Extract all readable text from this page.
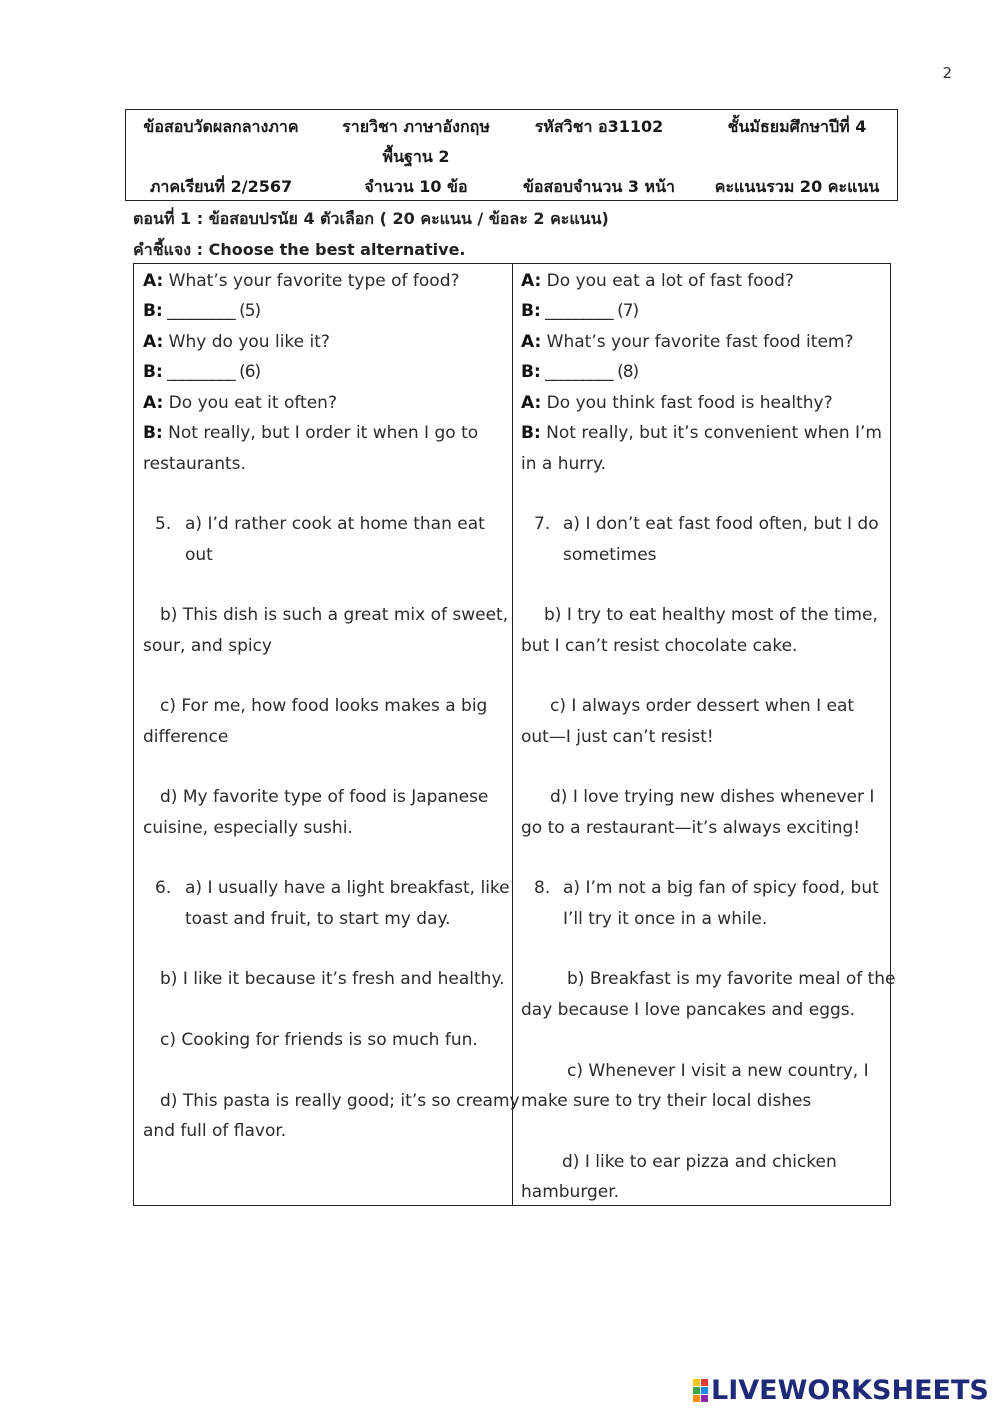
2
ข้อสอบวัดผลกลางภาค	รายวิชา ภาษาอังกฤษ	รหัสวิชา อ31102	ชั้นมัธยมศึกษาปีที่ 4
พื้นฐาน 2
ภาคเรียนที่ 2/2567	จำนวน 10 ข้อ	ข้อสอบจำนวน 3 หน้า	คะแนนรวม 20 คะแนน
ตอนที่ 1 : ข้อสอบปรนัย 4 ตัวเลือก ( 20 คะแนน / ข้อละ 2 คะแนน)
คำชี้แจง : Choose the best alternative.
A: What’s your favorite type of food?
B: _________ (5)
A: Why do you like it?
B: _________ (6)
A: Do you eat it often?
B: Not really, but I order it when I go to
restaurants.
5. a) I’d rather cook at home than eat
out
b) This dish is such a great mix of sweet,
sour, and spicy
c) For me, how food looks makes a big
difference
d) My favorite type of food is Japanese
cuisine, especially sushi.
6. a) I usually have a light breakfast, like
toast and fruit, to start my day.
b) I like it because it’s fresh and healthy.
c) Cooking for friends is so much fun.
d) This pasta is really good; it’s so creamy
and full of flavor.
A: Do you eat a lot of fast food?
B: _________ (7)
A: What’s your favorite fast food item?
B: _________ (8)
A: Do you think fast food is healthy?
B: Not really, but it’s convenient when I’m
in a hurry.
7. a) I don’t eat fast food often, but I do
sometimes
b) I try to eat healthy most of the time,
but I can’t resist chocolate cake.
c) I always order dessert when I eat
out—I just can’t resist!
d) I love trying new dishes whenever I
go to a restaurant—it’s always exciting!
8. a) I’m not a big fan of spicy food, but
I’ll try it once in a while.
b) Breakfast is my favorite meal of the
day because I love pancakes and eggs.
c) Whenever I visit a new country, I
make sure to try their local dishes
d) I like to ear pizza and chicken
hamburger.
LIVEWORKSHEETS
